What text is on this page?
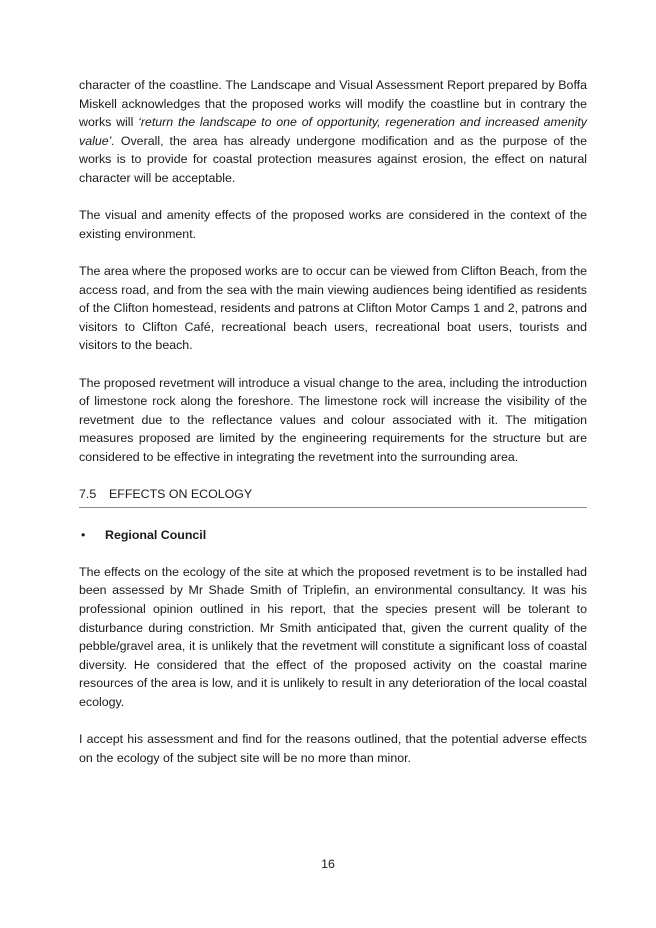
character of the coastline. The Landscape and Visual Assessment Report prepared by Boffa Miskell acknowledges that the proposed works will modify the coastline but in contrary the works will ‘return the landscape to one of opportunity, regeneration and increased amenity value’. Overall, the area has already undergone modification and as the purpose of the works is to provide for coastal protection measures against erosion, the effect on natural character will be acceptable.

The visual and amenity effects of the proposed works are considered in the context of the existing environment.

The area where the proposed works are to occur can be viewed from Clifton Beach, from the access road, and from the sea with the main viewing audiences being identified as residents of the Clifton homestead, residents and patrons at Clifton Motor Camps 1 and 2, patrons and visitors to Clifton Café, recreational beach users, recreational boat users, tourists and visitors to the beach.

The proposed revetment will introduce a visual change to the area, including the introduction of limestone rock along the foreshore. The limestone rock will increase the visibility of the revetment due to the reflectance values and colour associated with it. The mitigation measures proposed are limited by the engineering requirements for the structure but are considered to be effective in integrating the revetment into the surrounding area.

7.5 EFFECTS ON ECOLOGY
• Regional Council

The effects on the ecology of the site at which the proposed revetment is to be installed had been assessed by Mr Shade Smith of Triplefin, an environmental consultancy. It was his professional opinion outlined in his report, that the species present will be tolerant to disturbance during constriction. Mr Smith anticipated that, given the current quality of the pebble/gravel area, it is unlikely that the revetment will constitute a significant loss of coastal diversity. He considered that the effect of the proposed activity on the coastal marine resources of the area is low, and it is unlikely to result in any deterioration of the local coastal ecology.

I accept his assessment and find for the reasons outlined, that the potential adverse effects on the ecology of the subject site will be no more than minor.

16
